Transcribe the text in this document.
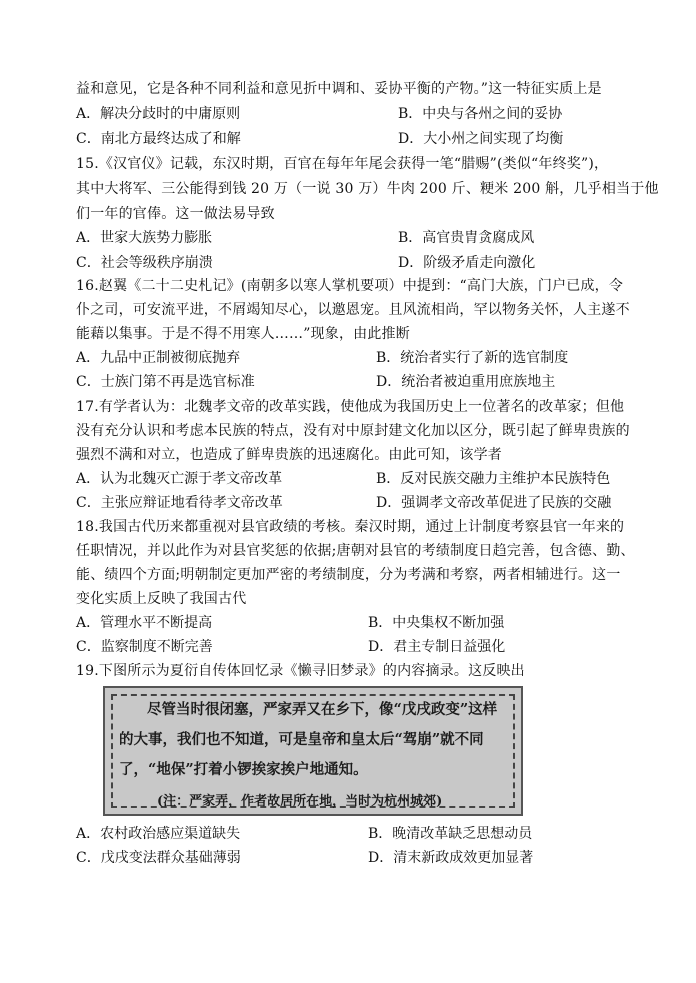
益和意见，它是各种不同利益和意见折中调和、妥协平衡的产物。”这一特征实质上是
A．解决分歧时的中庸原则	B．中央与各州之间的妥协
C．南北方最终达成了和解	D．大小州之间实现了均衡
15.《汉官仪》记载，东汉时期，百官在每年年尾会获得一笔“腊赐”(类似“年终奖”)，
其中大将军、三公能得到钱 20 万（一说 30 万）牛肉 200 斤、粳米 200 斛，几乎相当于他
们一年的官俸。这一做法易导致
A．世家大族势力膨胀	B．高官贵胄贪腐成风
C．社会等级秩序崩溃	D．阶级矛盾走向激化
16.赵翼《二十二史札记》(南朝多以寒人掌机要项）中提到：“高门大族，门户已成，令
仆之司，可安流平进，不屑竭知尽心，以邀恩宠。且风流相尚，罕以物务关怀，人主遂不
能藉以集事。于是不得不用寒人……”现象，由此推断
A．九品中正制被彻底抛弃	B．统治者实行了新的选官制度
C．士族门第不再是选官标准	D．统治者被迫重用庶族地主
17.有学者认为：北魏孝文帝的改革实践，使他成为我国历史上一位著名的改革家；但他
没有充分认识和考虑本民族的特点，没有对中原封建文化加以区分，既引起了鲜卑贵族的
强烈不满和对立，也造成了鲜卑贵族的迅速腐化。由此可知，该学者
A．认为北魏灭亡源于孝文帝改革	B．反对民族交融力主维护本民族特色
C．主张应辩证地看待孝文帝改革	D．强调孝文帝改革促进了民族的交融
18.我国古代历来都重视对县官政绩的考核。秦汉时期，通过上计制度考察县官一年来的
任职情况，并以此作为对县官奖惩的依据;唐朝对县官的考绩制度日趋完善，包含德、勤、
能、绩四个方面;明朝制定更加严密的考绩制度，分为考满和考察，两者相辅进行。这一
变化实质上反映了我国古代
A．管理水平不断提高	B．中央集权不断加强
C．监察制度不断完善	D．君主专制日益强化
19.下图所示为夏衍自传体回忆录《懒寻旧梦录》的内容摘录。这反映出
尽管当时很闭塞，严家弄又在乡下，像“戊戌政变”这样
的大事，我们也不知道，可是皇帝和皇太后“驾崩”就不同
了，“地保”打着小锣挨家挨户地通知。
(注：严家弄，作者故居所在地，当时为杭州城郊)
A．农村政治感应渠道缺失	B．晚清改革缺乏思想动员
C．戊戌变法群众基础薄弱	D．清末新政成效更加显著
